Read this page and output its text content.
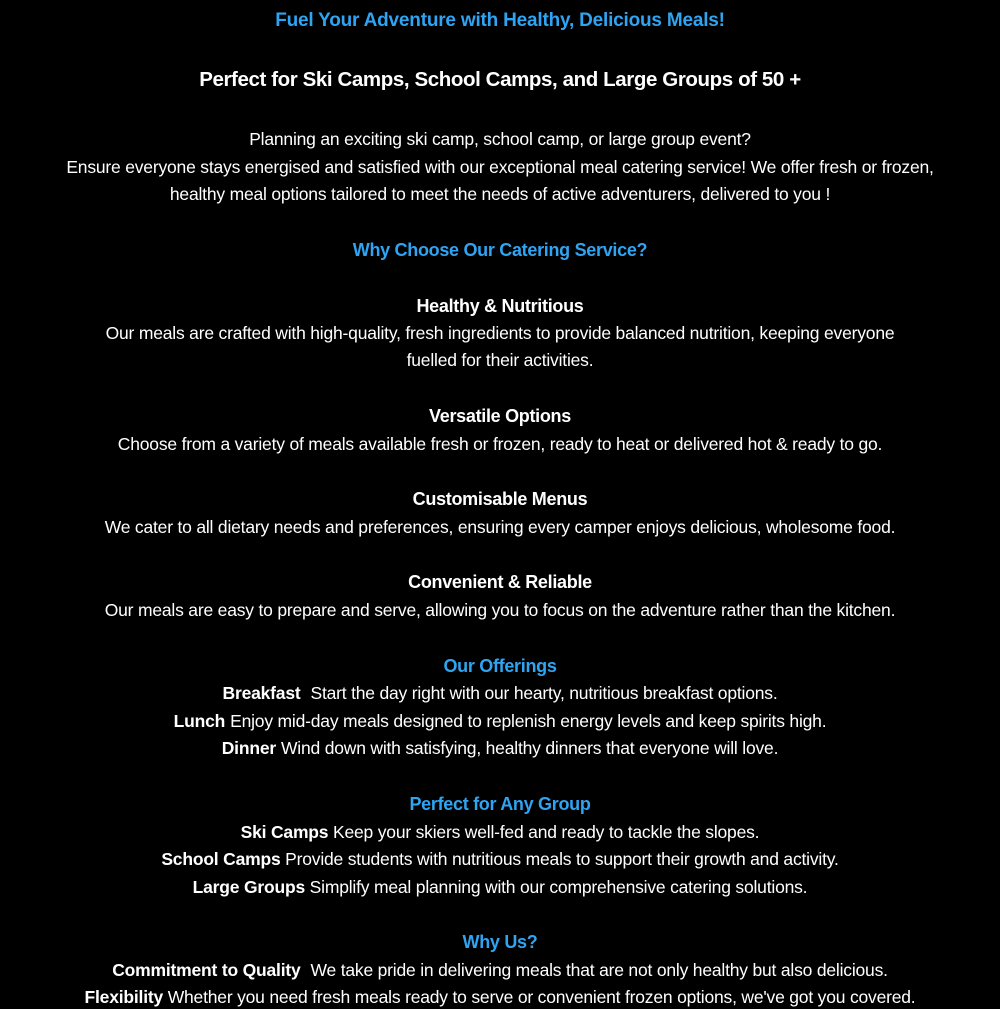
Fuel Your Adventure with Healthy, Delicious Meals!
Perfect for Ski Camps, School Camps, and Large Groups of 50 +
Planning an exciting ski camp, school camp, or large group event?
Ensure everyone stays energised and satisfied with our exceptional meal catering service! We offer fresh or frozen,
healthy meal options tailored to meet the needs of active adventurers, delivered to you !
Why Choose Our Catering Service?
Healthy & Nutritious
Our meals are crafted with high-quality, fresh ingredients to provide balanced nutrition, keeping everyone
fuelled for their activities.
Versatile Options
Choose from a variety of meals available fresh or frozen, ready to heat or delivered hot & ready to go.
Customisable Menus
We cater to all dietary needs and preferences, ensuring every camper enjoys delicious, wholesome food.
Convenient & Reliable
Our meals are easy to prepare and serve, allowing you to focus on the adventure rather than the kitchen.
Our Offerings
Breakfast Start the day right with our hearty, nutritious breakfast options.
Lunch Enjoy mid-day meals designed to replenish energy levels and keep spirits high.
Dinner Wind down with satisfying, healthy dinners that everyone will love.
Perfect for Any Group
Ski Camps Keep your skiers well-fed and ready to tackle the slopes.
School Camps Provide students with nutritious meals to support their growth and activity.
Large Groups Simplify meal planning with our comprehensive catering solutions.
Why Us?
Commitment to Quality We take pride in delivering meals that are not only healthy but also delicious.
Flexibility Whether you need fresh meals ready to serve or convenient frozen options, we've got you covered.
